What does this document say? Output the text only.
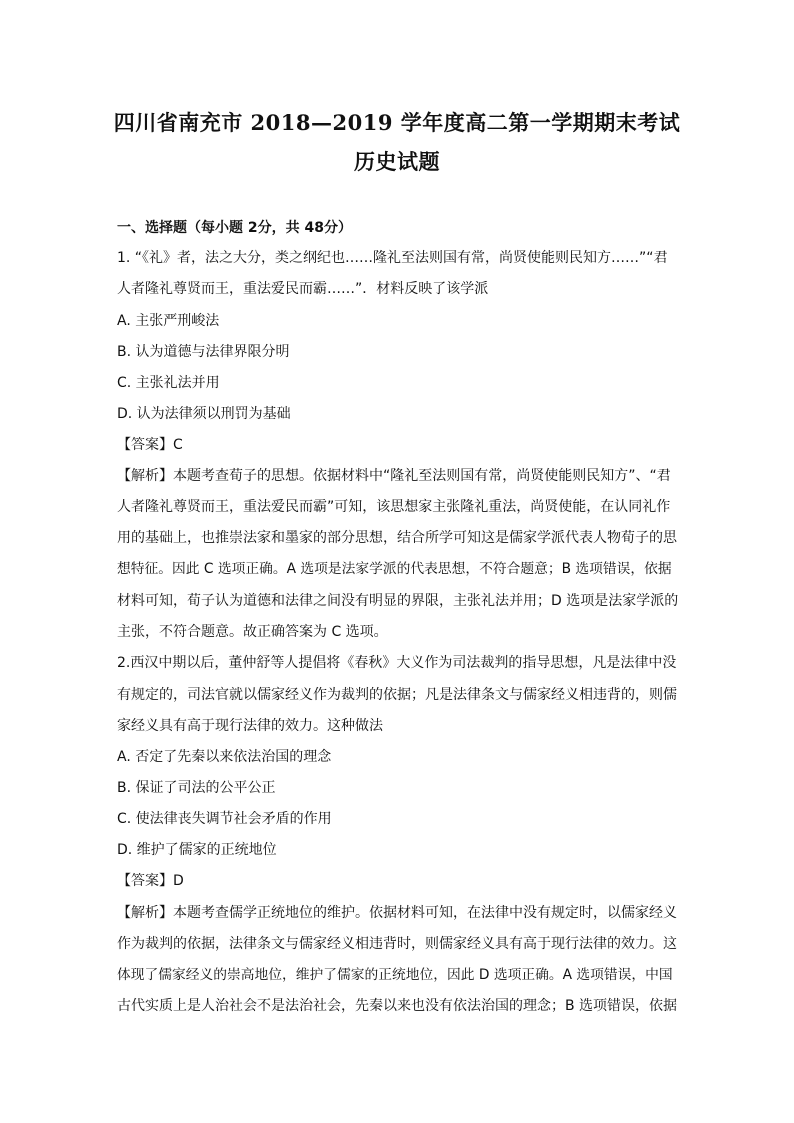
四川省南充市 2018—2019 学年度高二第一学期期末考试
历史试题
一、选择题（每小题 2分，共 48分）
1. “《礼》者，法之大分，类之纲纪也……隆礼至法则国有常，尚贤使能则民知方……”“君
人者隆礼尊贤而王，重法爱民而霸……”．材料反映了该学派
A. 主张严刑峻法
B. 认为道德与法律界限分明
C. 主张礼法并用
D. 认为法律须以刑罚为基础
【答案】C
【解析】本题考查荀子的思想。依据材料中“隆礼至法则国有常，尚贤使能则民知方”、“君
人者隆礼尊贤而王，重法爱民而霸”可知，该思想家主张隆礼重法，尚贤使能，在认同礼作
用的基础上，也推崇法家和墨家的部分思想，结合所学可知这是儒家学派代表人物荀子的思
想特征。因此 C 选项正确。A 选项是法家学派的代表思想，不符合题意；B 选项错误，依据
材料可知，荀子认为道德和法律之间没有明显的界限，主张礼法并用；D 选项是法家学派的
主张，不符合题意。故正确答案为 C 选项。
2.西汉中期以后，董仲舒等人提倡将《春秋》大义作为司法裁判的指导思想，凡是法律中没
有规定的，司法官就以儒家经义作为裁判的依据；凡是法律条文与儒家经义相违背的，则儒
家经义具有高于现行法律的效力。这种做法
A. 否定了先秦以来依法治国的理念
B. 保证了司法的公平公正
C. 使法律丧失调节社会矛盾的作用
D. 维护了儒家的正统地位
【答案】D
【解析】本题考查儒学正统地位的维护。依据材料可知，在法律中没有规定时，以儒家经义
作为裁判的依据，法律条文与儒家经义相违背时，则儒家经义具有高于现行法律的效力。这
体现了儒家经义的崇高地位，维护了儒家的正统地位，因此 D 选项正确。A 选项错误，中国
古代实质上是人治社会不是法治社会，先秦以来也没有依法治国的理念；B 选项错误，依据
